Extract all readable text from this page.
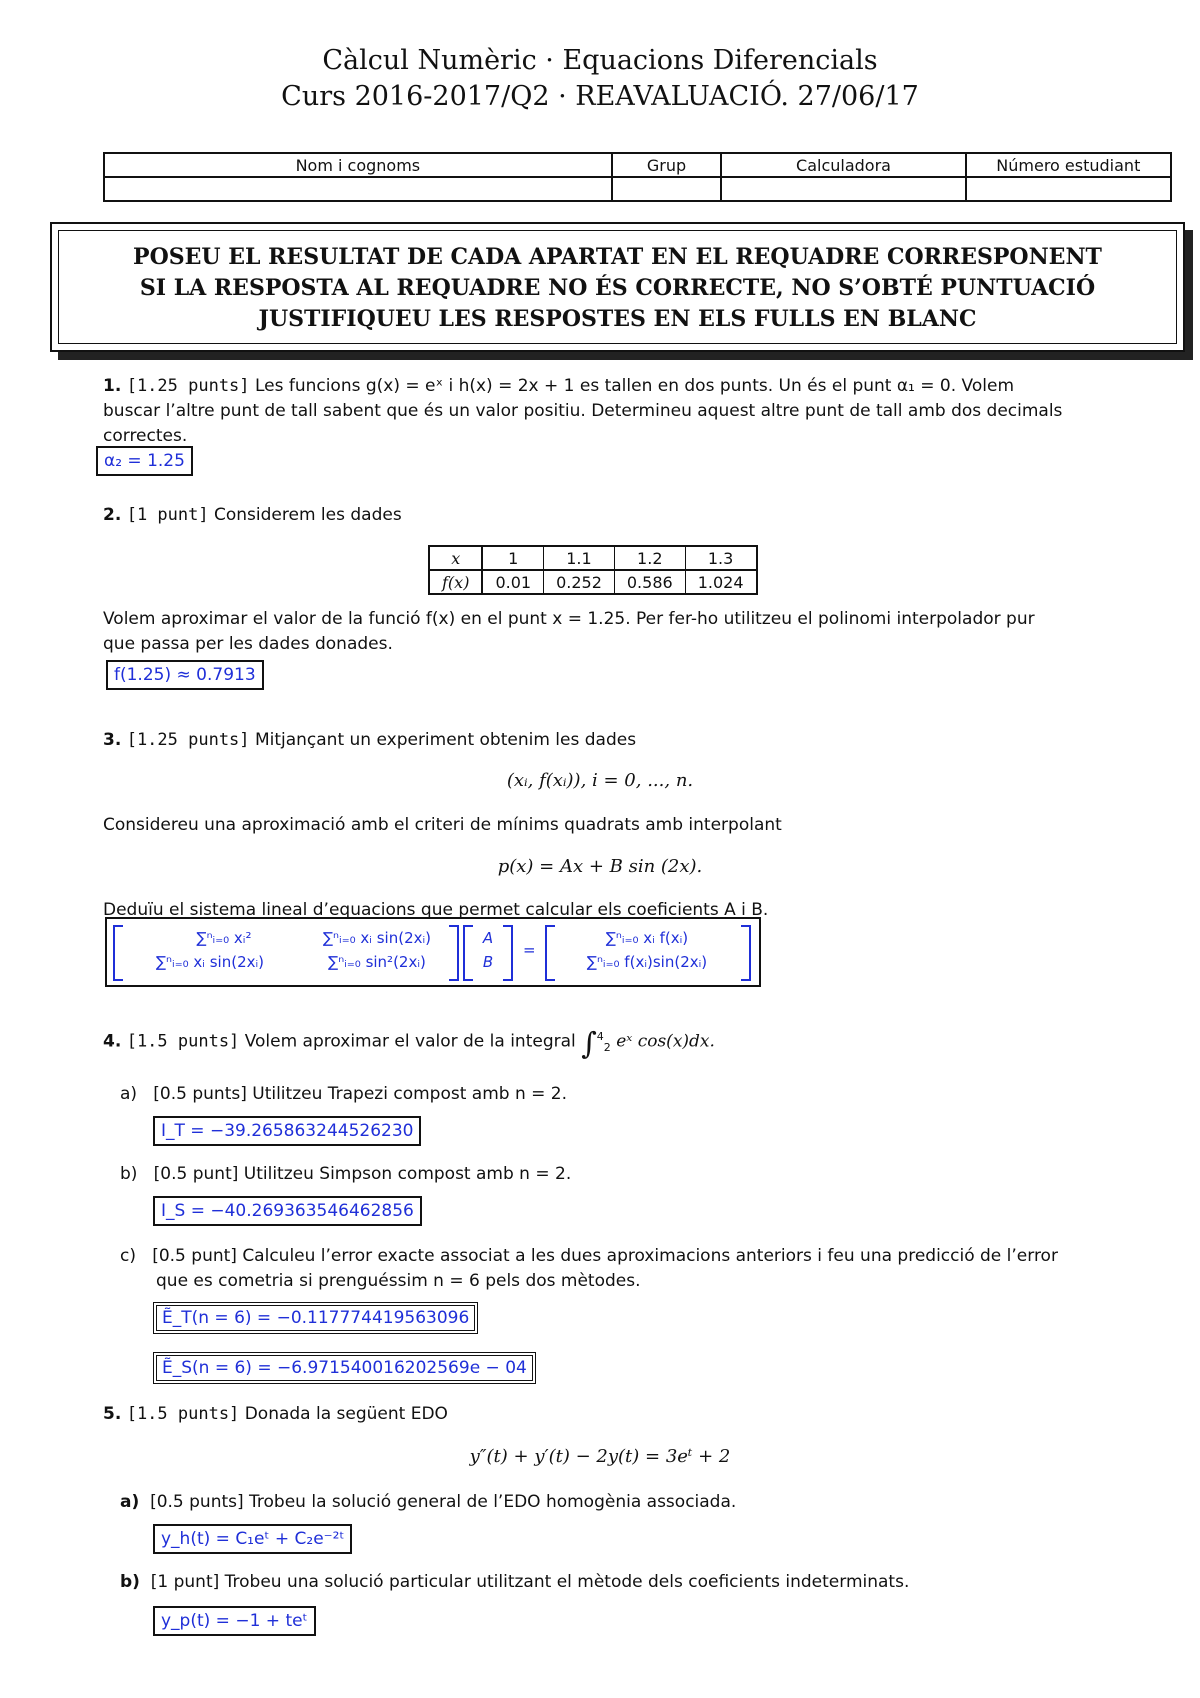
Càlcul Numèric · Equacions Diferencials
Curs 2016-2017/Q2 · REAVALUACIÓ. 27/06/17
Nom i cognoms	Grup	Calculadora	Número estudiant

POSEU EL RESULTAT DE CADA APARTAT EN EL REQUADRE CORRESPONENT
SI LA RESPOSTA AL REQUADRE NO ÉS CORRECTE, NO S’OBTÉ PUNTUACIÓ
JUSTIFIQUEU LES RESPOSTES EN ELS FULLS EN BLANC
1. [1.25 punts] Les funcions g(x) = eˣ i h(x) = 2x + 1 es tallen en dos punts. Un és el punt α₁ = 0. Volem
buscar l’altre punt de tall sabent que és un valor positiu. Determineu aquest altre punt de tall amb dos decimals
correctes.
α₂ = 1.25
2. [1 punt] Considerem les dades
x	1	1.1	1.2	1.3
f(x)	0.01	0.252	0.586	1.024
Volem aproximar el valor de la funció f(x) en el punt x = 1.25. Per fer-ho utilitzeu el polinomi interpolador pur
que passa per les dades donades.
f(1.25) ≈ 0.7913
3. [1.25 punts] Mitjançant un experiment obtenim les dades
(xᵢ, f(xᵢ)), i = 0, ..., n.
Considereu una aproximació amb el criteri de mínims quadrats amb interpolant
p(x) = Ax + B sin (2x).
Deduïu el sistema lineal d’equacions que permet calcular els coeficients A i B.
∑ⁿᵢ₌₀ xᵢ²	∑ⁿᵢ₌₀ xᵢ sin(2xᵢ)
∑ⁿᵢ₌₀ xᵢ sin(2xᵢ)	∑ⁿᵢ₌₀ sin²(2xᵢ)
A
B
=
∑ⁿᵢ₌₀ xᵢ f(xᵢ)
∑ⁿᵢ₌₀ f(xᵢ)sin(2xᵢ)
4. [1.5 punts] Volem aproximar el valor de la integral ∫$^4_2$ eˣ cos(x)dx.
a) [0.5 punts] Utilitzeu Trapezi compost amb n = 2.
I_T = −39.265863244526230
b) [0.5 punt] Utilitzeu Simpson compost amb n = 2.
I_S = −40.269363546462856
c) [0.5 punt] Calculeu l’error exacte associat a les dues aproximacions anteriors i feu una predicció de l’error
que es cometria si prenguéssim n = 6 pels dos mètodes.
Ẽ_T(n = 6) = −0.117774419563096
Ẽ_S(n = 6) = −6.971540016202569e − 04
5. [1.5 punts] Donada la següent EDO
y″(t) + y′(t) − 2y(t) = 3eᵗ + 2
a) [0.5 punts] Trobeu la solució general de l’EDO homogènia associada.
y_h(t) = C₁eᵗ + C₂e⁻²ᵗ
b) [1 punt] Trobeu una solució particular utilitzant el mètode dels coeficients indeterminats.
y_p(t) = −1 + teᵗ
